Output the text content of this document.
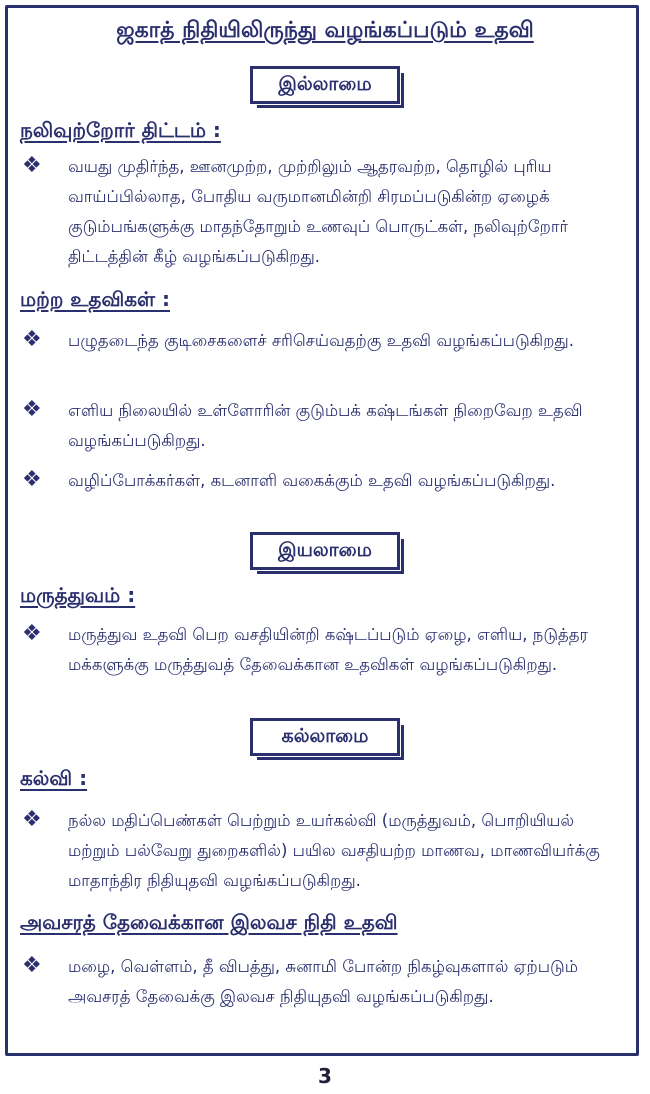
ஜகாத் நிதியிலிருந்து வழங்கப்படும் உதவி
இல்லாமை
நலிவுற்றோர் திட்டம் :
❖ வயது முதிர்ந்த, ஊனமுற்ற, முற்றிலும் ஆதரவற்ற, தொழில் புரிய வாய்ப்பில்லாத, போதிய வருமானமின்றி சிரமப்படுகின்ற ஏழைக் குடும்பங்களுக்கு மாதந்தோறும் உணவுப் பொருட்கள், நலிவுற்றோர் திட்டத்தின் கீழ் வழங்கப்படுகிறது.
மற்ற உதவிகள் :
❖ பழுதடைந்த குடிசைகளைச் சரிசெய்வதற்கு உதவி வழங்கப்படுகிறது.
❖ எளிய நிலையில் உள்ளோரின் குடும்பக் கஷ்டங்கள் நிறைவேற உதவி வழங்கப்படுகிறது.
❖ வழிப்போக்கர்கள், கடனாளி வகைக்கும் உதவி வழங்கப்படுகிறது.
இயலாமை
மருத்துவம் :
❖ மருத்துவ உதவி பெற வசதியின்றி கஷ்டப்படும் ஏழை, எளிய, நடுத்தர மக்களுக்கு மருத்துவத் தேவைக்கான உதவிகள் வழங்கப்படுகிறது.
கல்லாமை
கல்வி :
❖ நல்ல மதிப்பெண்கள் பெற்றும் உயர்கல்வி (மருத்துவம், பொறியியல் மற்றும் பல்வேறு துறைகளில்) பயில வசதியற்ற மாணவ, மாணவியர்க்கு மாதாந்திர நிதியுதவி வழங்கப்படுகிறது.
அவசரத் தேவைக்கான இலவச நிதி உதவி
❖ மழை, வெள்ளம், தீ விபத்து, சுனாமி போன்ற நிகழ்வுகளால் ஏற்படும் அவசரத் தேவைக்கு இலவச நிதியுதவி வழங்கப்படுகிறது.
3
